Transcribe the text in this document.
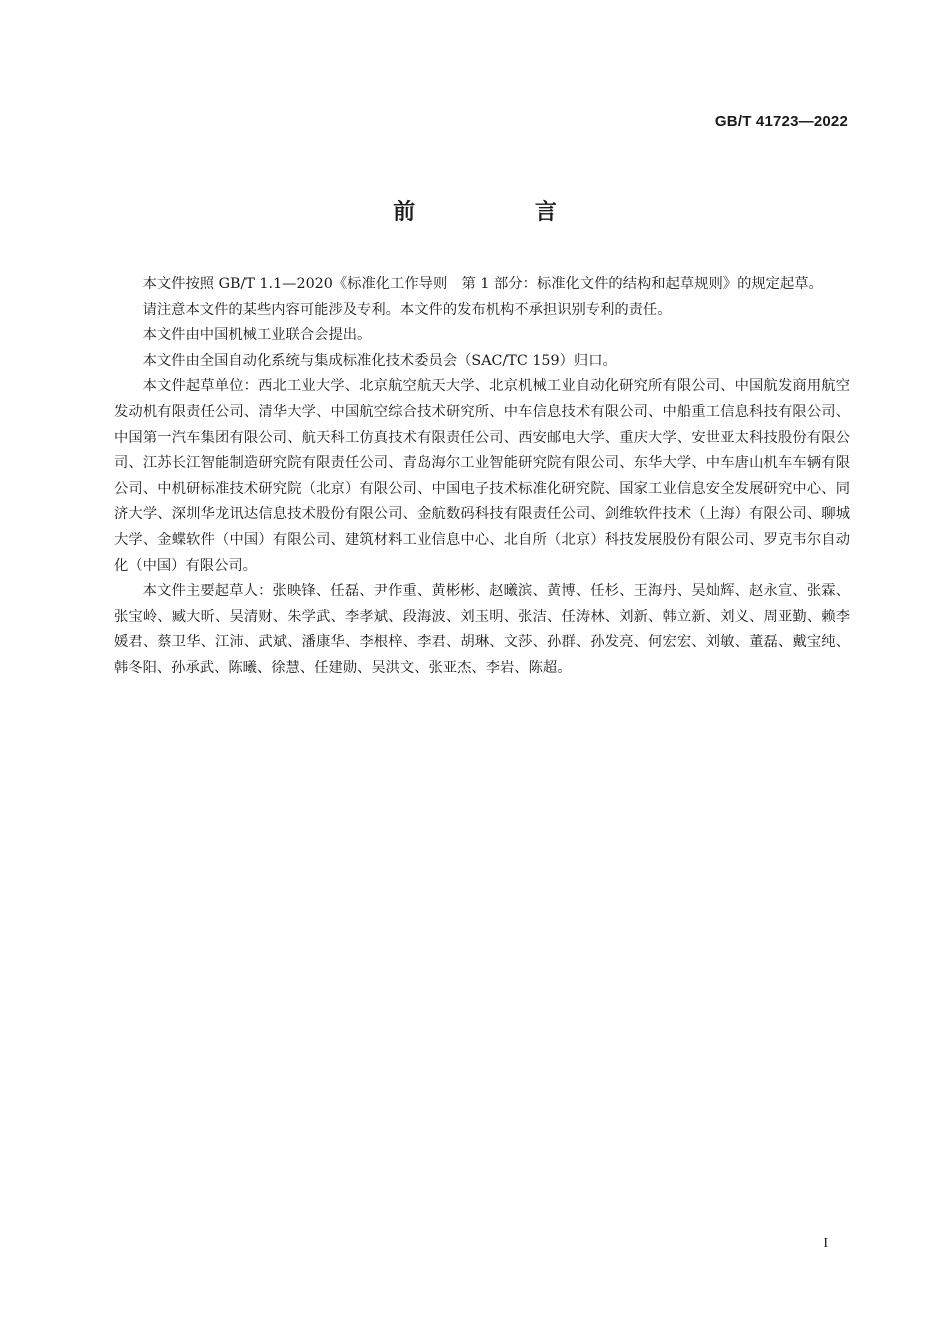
GB/T 41723—2022
前 言

本文件按照 GB/T 1.1—2020《标准化工作导则　第 1 部分：标准化文件的结构和起草规则》的规定起草。

请注意本文件的某些内容可能涉及专利。本文件的发布机构不承担识别专利的责任。

本文件由中国机械工业联合会提出。

本文件由全国自动化系统与集成标准化技术委员会（SAC/TC 159）归口。

本文件起草单位：西北工业大学、北京航空航天大学、北京机械工业自动化研究所有限公司、中国航发商用航空发动机有限责任公司、清华大学、中国航空综合技术研究所、中车信息技术有限公司、中船重工信息科技有限公司、中国第一汽车集团有限公司、航天科工仿真技术有限责任公司、西安邮电大学、重庆大学、安世亚太科技股份有限公司、江苏长江智能制造研究院有限责任公司、青岛海尔工业智能研究院有限公司、东华大学、中车唐山机车车辆有限公司、中机研标准技术研究院（北京）有限公司、中国电子技术标准化研究院、国家工业信息安全发展研究中心、同济大学、深圳华龙讯达信息技术股份有限公司、金航数码科技有限责任公司、剑维软件技术（上海）有限公司、聊城大学、金蝶软件（中国）有限公司、建筑材料工业信息中心、北自所（北京）科技发展股份有限公司、罗克韦尔自动化（中国）有限公司。

本文件主要起草人：张映锋、任磊、尹作重、黄彬彬、赵曦滨、黄博、任杉、王海丹、吴灿辉、赵永宣、张霖、张宝岭、臧大昕、吴清财、朱学武、李孝斌、段海波、刘玉明、张洁、任涛林、刘新、韩立新、刘义、周亚勤、赖李媛君、蔡卫华、江沛、武斌、潘康华、李根梓、李君、胡琳、文莎、孙群、孙发亮、何宏宏、刘敏、董磊、戴宝纯、韩冬阳、孙承武、陈曦、徐慧、任建勋、吴洪文、张亚杰、李岩、陈超。

I
